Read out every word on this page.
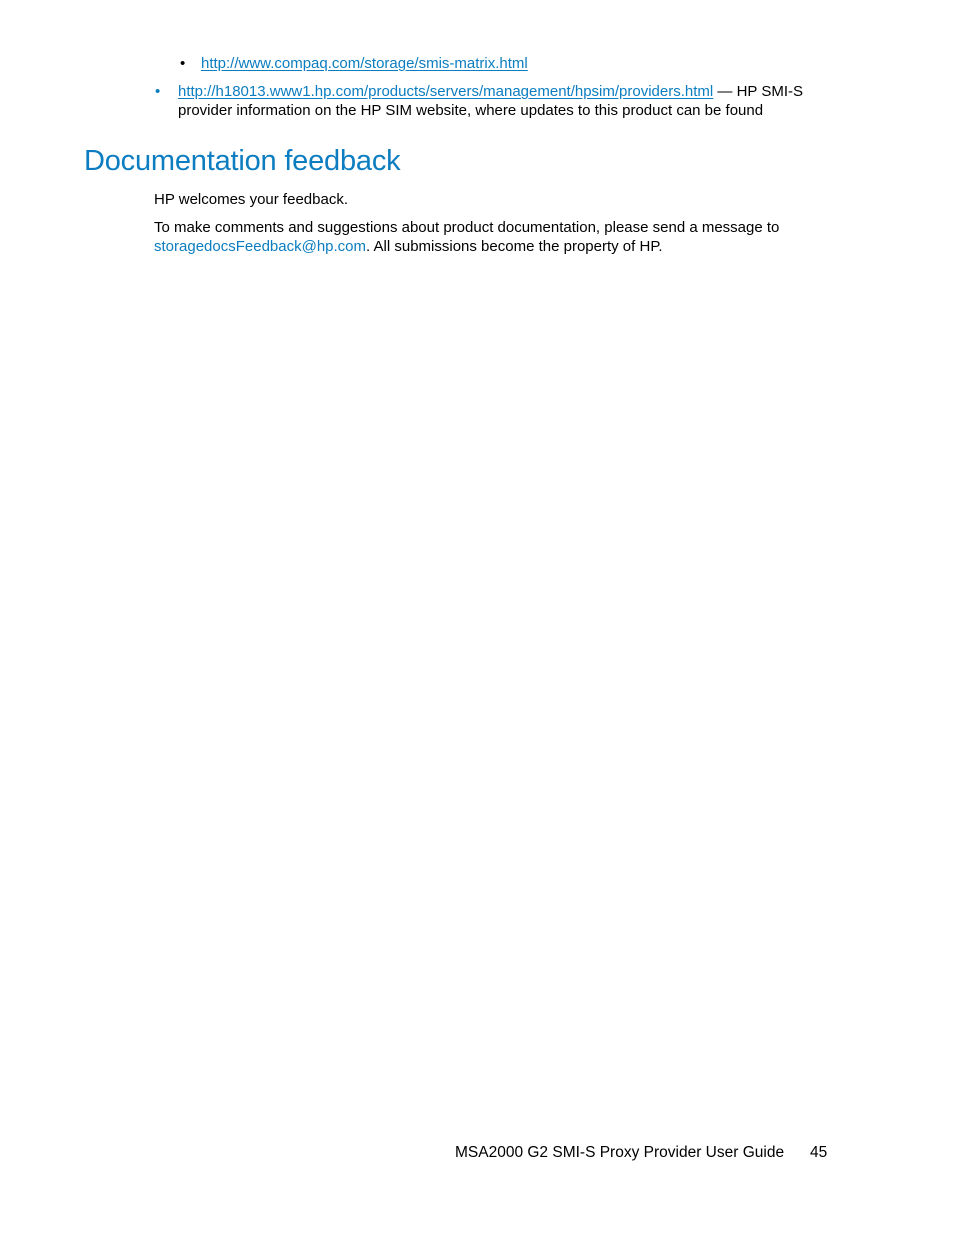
• http://www.compaq.com/storage/smis-matrix.html
• http://h18013.www1.hp.com/products/servers/management/hpsim/providers.html — HP SMI-S provider information on the HP SIM website, where updates to this product can be found
Documentation feedback

HP welcomes your feedback.

To make comments and suggestions about product documentation, please send a message to storagedocsFeedback@hp.com. All submissions become the property of HP.

MSA2000 G2 SMI-S Proxy Provider User Guide 45
